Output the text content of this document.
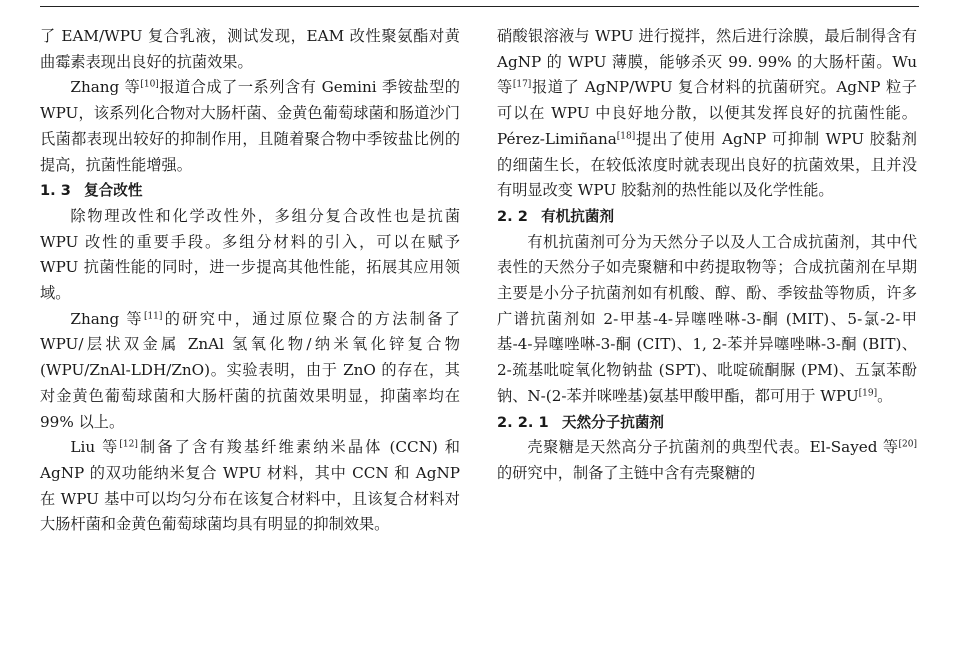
了 EAM/WPU 复合乳液，测试发现，EAM 改性聚氨酯对黄曲霉素表现出良好的抗菌效果。

Zhang 等[10]报道合成了一系列含有 Gemini 季铵盐型的 WPU，该系列化合物对大肠杆菌、金黄色葡萄球菌和肠道沙门氏菌都表现出较好的抑制作用，且随着聚合物中季铵盐比例的提高，抗菌性能增强。

1. 3 复合改性

除物理改性和化学改性外，多组分复合改性也是抗菌 WPU 改性的重要手段。多组分材料的引入，可以在赋予 WPU 抗菌性能的同时，进一步提高其他性能，拓展其应用领域。

Zhang 等[11]的研究中，通过原位聚合的方法制备了 WPU/层状双金属 ZnAl 氢氧化物/纳米氧化锌复合物 (WPU/ZnAl-LDH/ZnO)。实验表明，由于 ZnO 的存在，其对金黄色葡萄球菌和大肠杆菌的抗菌效果明显，抑菌率均在 99% 以上。

Liu 等[12]制备了含有羧基纤维素纳米晶体 (CCN) 和 AgNP 的双功能纳米复合 WPU 材料，其中 CCN 和 AgNP 在 WPU 基中可以均匀分布在该复合材料中，且该复合材料对大肠杆菌和金黄色葡萄球菌均具有明显的抑制效果。

硝酸银溶液与 WPU 进行搅拌，然后进行涂膜，最后制得含有 AgNP 的 WPU 薄膜，能够杀灭 99. 99% 的大肠杆菌。Wu 等[17]报道了 AgNP/WPU 复合材料的抗菌研究。AgNP 粒子可以在 WPU 中良好地分散，以便其发挥良好的抗菌性能。Pérez-Limiñana[18]提出了使用 AgNP 可抑制 WPU 胶黏剂的细菌生长，在较低浓度时就表现出良好的抗菌效果，且并没有明显改变 WPU 胶黏剂的热性能以及化学性能。

2. 2 有机抗菌剂

有机抗菌剂可分为天然分子以及人工合成抗菌剂，其中代表性的天然分子如壳聚糖和中药提取物等；合成抗菌剂在早期主要是小分子抗菌剂如有机酸、醇、酚、季铵盐等物质，许多广谱抗菌剂如 2-甲基-4-异噻唑啉-3-酮 (MIT)、5-氯-2-甲基-4-异噻唑啉-3-酮 (CIT)、1, 2-苯并异噻唑啉-3-酮 (BIT)、2-巯基吡啶氧化物钠盐 (SPT)、吡啶硫酮脲 (PM)、五氯苯酚钠、N-(2-苯并咪唑基)氨基甲酸甲酯，都可用于 WPU[19]。

2. 2. 1 天然分子抗菌剂

壳聚糖是天然高分子抗菌剂的典型代表。El-Sayed 等[20]的研究中，制备了主链中含有壳聚糖的
